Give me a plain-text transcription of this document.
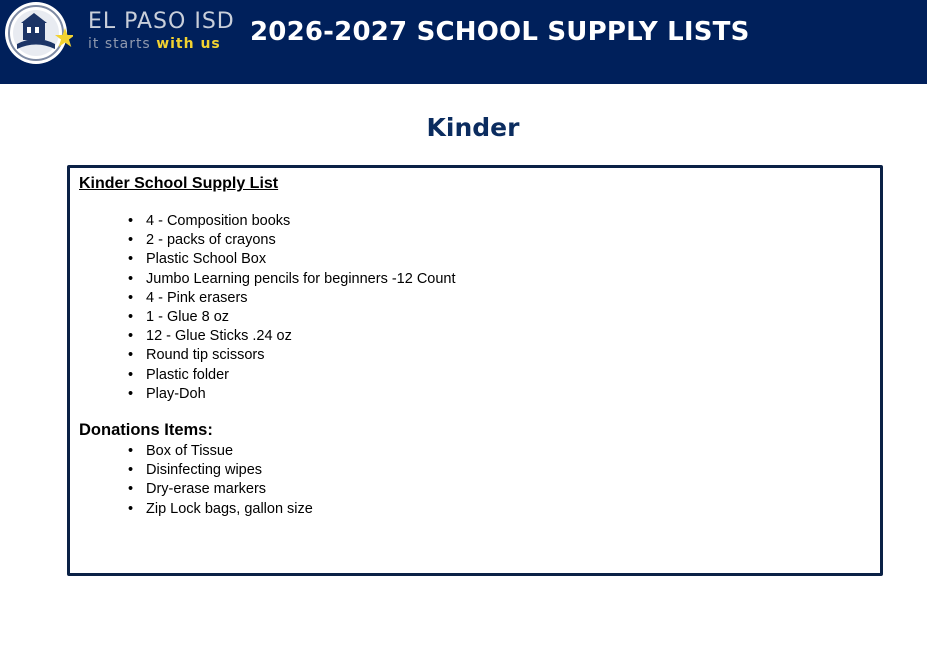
EL PASO ISD
it starts with us	2026-2027 SCHOOL SUPPLY LISTS
Kinder
Kinder School Supply List
• 4 - Composition books
• 2 - packs of crayons
• Plastic School Box
• Jumbo Learning pencils for beginners -12 Count
• 4 - Pink erasers
• 1 - Glue 8 oz
• 12 - Glue Sticks .24 oz
• Round tip scissors
• Plastic folder
• Play-Doh
Donations Items:
• Box of Tissue
• Disinfecting wipes
• Dry-erase markers
• Zip Lock bags, gallon size
